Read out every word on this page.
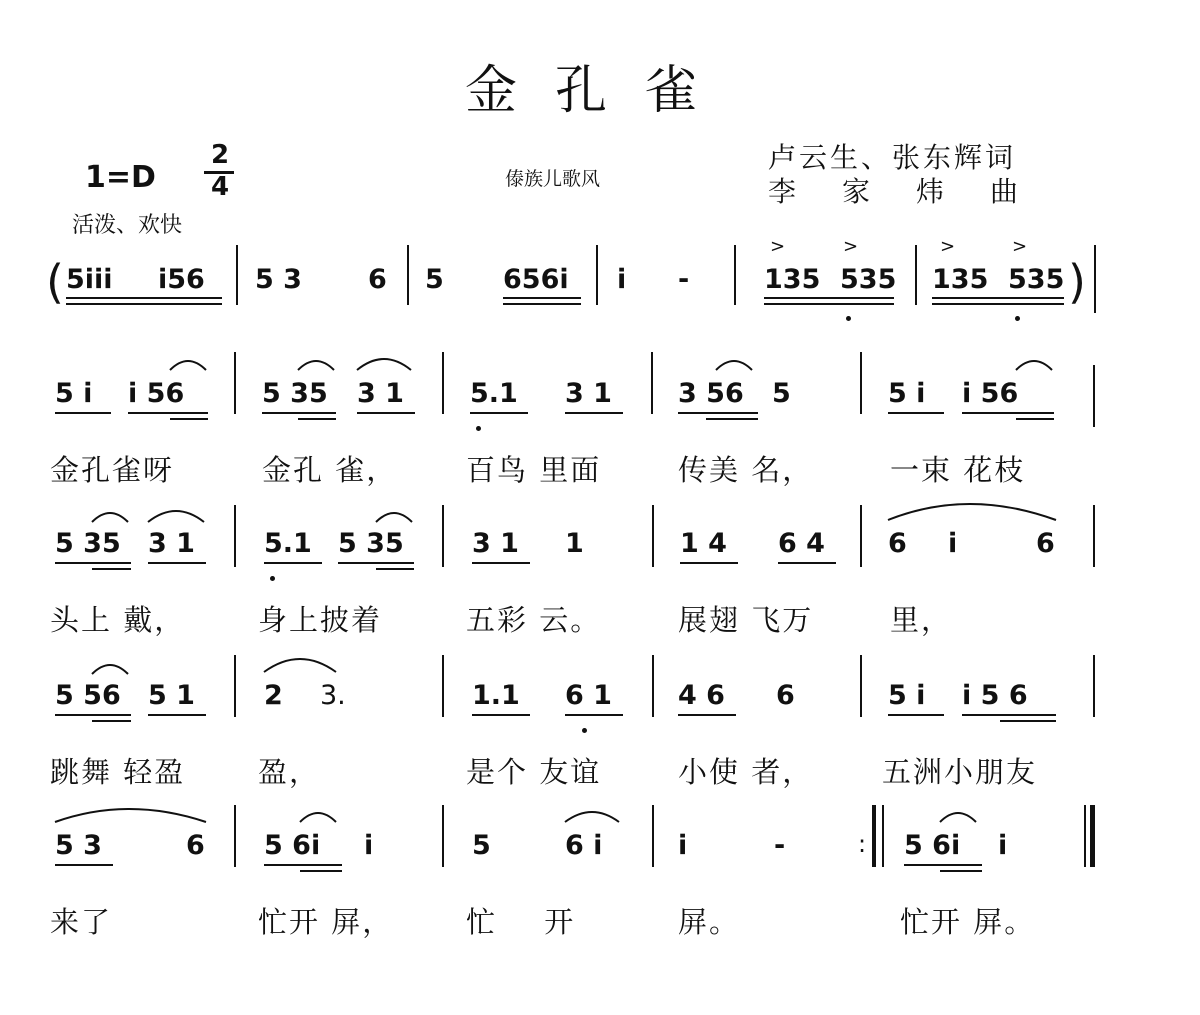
金孔雀
1=D
2
4	傣族儿歌风
卢云生、张东辉词
李家炜曲
活泼、欢快
( 5i̇i̇i̇ i̇56 5 3 6 5 656i̇ i̇ -
>	>
135 535
>	>
135 535 )
5 i̇ i̇ 56	5 35 3 1 5.1 3 1 3 56 5	5 i̇ i̇ 56
金孔雀呀	金孔 雀， 百鸟 里面	传美 名，	一束 花枝
5 35 3 1	5.1 5 35	3 1 1	1 4 6 4 6 i̇	6
头上 戴，	身上披着	五彩 云。	展翅 飞万	里，
5 56 5 1	2 3.	1.1 6 1 4 6 6	5 i̇ i̇ 5 6
跳舞 轻盈	盈，	是个 友谊	小使 者， 五洲小朋友
5 3	6 5 6i̇ i̇	5	6 i̇	i̇	-	: 5 6i̇ i̇
来了	忙开 屏，	忙 开	屏。	忙开 屏。
